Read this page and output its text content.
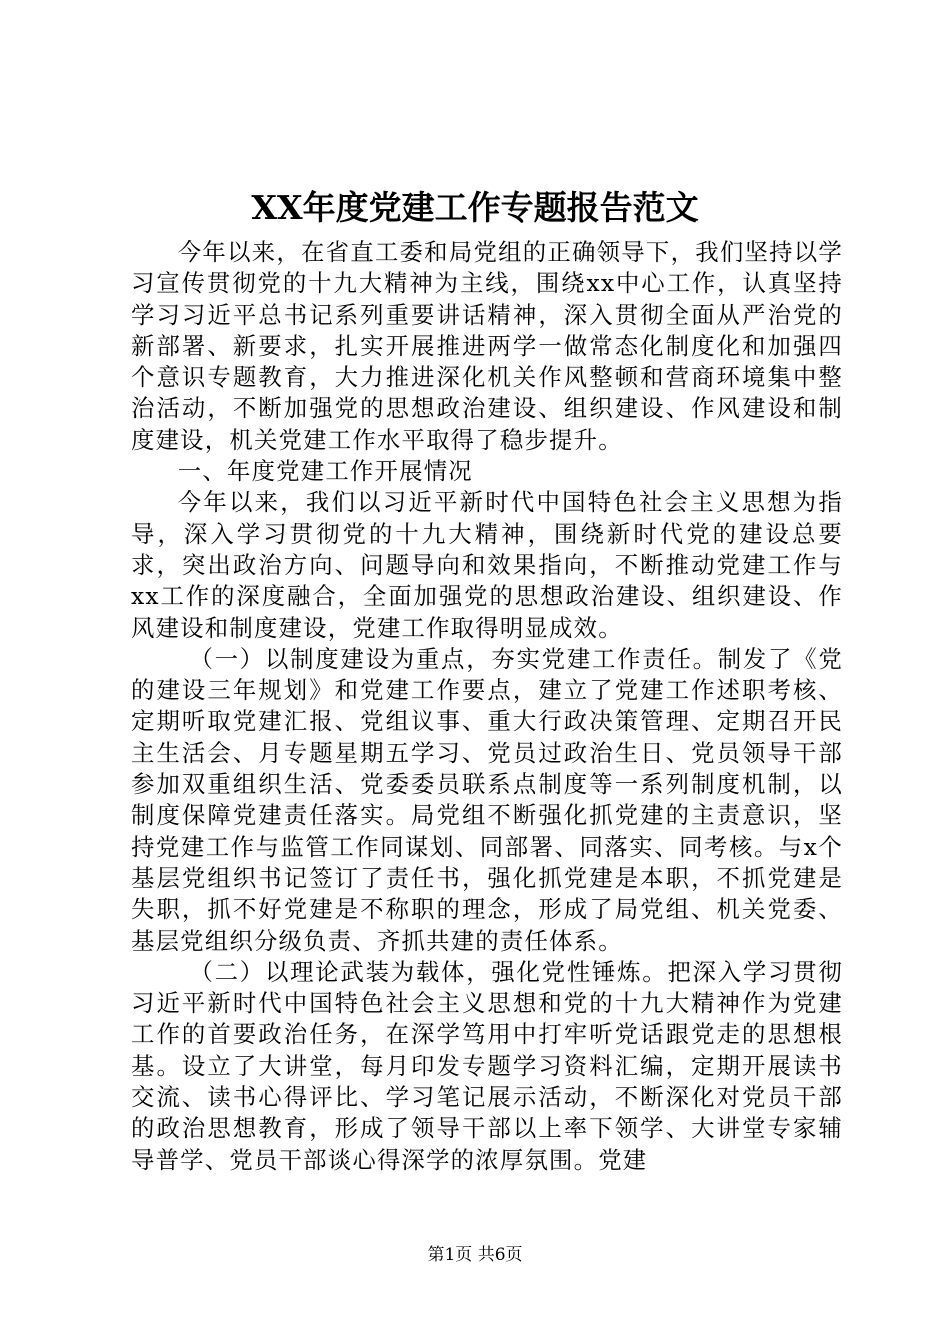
XX年度党建工作专题报告范文

今年以来，在省直工委和局党组的正确领导下，我们坚持以学习宣传贯彻党的十九大精神为主线，围绕xx中心工作，认真坚持学习习近平总书记系列重要讲话精神，深入贯彻全面从严治党的新部署、新要求，扎实开展推进两学一做常态化制度化和加强四个意识专题教育，大力推进深化机关作风整顿和营商环境集中整治活动，不断加强党的思想政治建设、组织建设、作风建设和制度建设，机关党建工作水平取得了稳步提升。

一、年度党建工作开展情况

今年以来，我们以习近平新时代中国特色社会主义思想为指导，深入学习贯彻党的十九大精神，围绕新时代党的建设总要求，突出政治方向、问题导向和效果指向，不断推动党建工作与xx工作的深度融合，全面加强党的思想政治建设、组织建设、作风建设和制度建设，党建工作取得明显成效。

（一）以制度建设为重点，夯实党建工作责任。制发了《党的建设三年规划》和党建工作要点，建立了党建工作述职考核、定期听取党建汇报、党组议事、重大行政决策管理、定期召开民主生活会、月专题星期五学习、党员过政治生日、党员领导干部参加双重组织生活、党委委员联系点制度等一系列制度机制，以制度保障党建责任落实。局党组不断强化抓党建的主责意识，坚持党建工作与监管工作同谋划、同部署、同落实、同考核。与x个基层党组织书记签订了责任书，强化抓党建是本职，不抓党建是失职，抓不好党建是不称职的理念，形成了局党组、机关党委、基层党组织分级负责、齐抓共建的责任体系。

（二）以理论武装为载体，强化党性锤炼。把深入学习贯彻习近平新时代中国特色社会主义思想和党的十九大精神作为党建工作的首要政治任务，在深学笃用中打牢听党话跟党走的思想根基。设立了大讲堂，每月印发专题学习资料汇编，定期开展读书交流、读书心得评比、学习笔记展示活动，不断深化对党员干部的政治思想教育，形成了领导干部以上率下领学、大讲堂专家辅导普学、党员干部谈心得深学的浓厚氛围。党建

第1页 共6页
